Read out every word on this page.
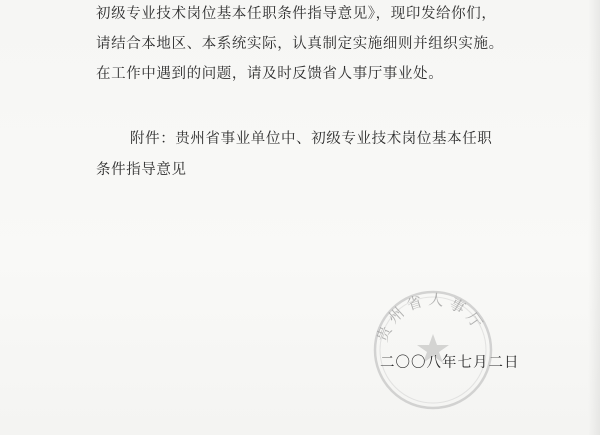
初级专业技术岗位基本任职条件指导意见》，现印发给你们，
请结合本地区、本系统实际，认真制定实施细则并组织实施。
在工作中遇到的问题，请及时反馈省人事厅事业处。
附件：贵州省事业单位中、初级专业技术岗位基本任职
条件指导意见
贵州省人事厅
二〇〇八年七月二日
